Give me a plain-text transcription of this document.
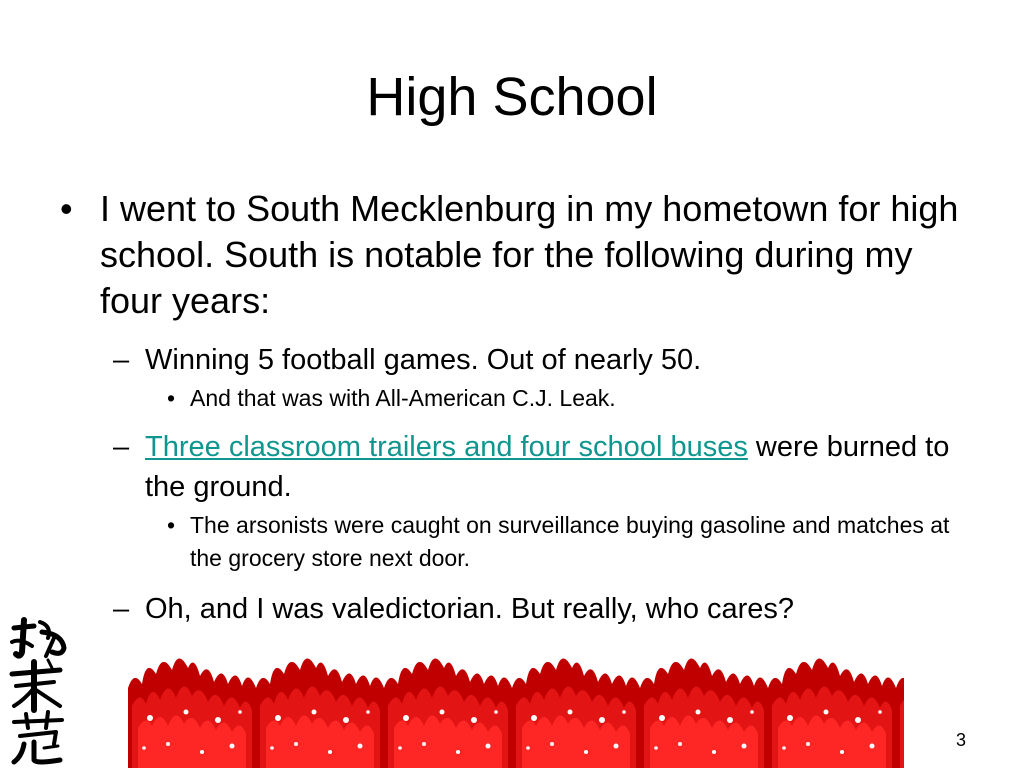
High School
• I went to South Mecklenburg in my hometown for high school. South is notable for the following during my four years:
– Winning 5 football games. Out of nearly 50.
• And that was with All-American C.J. Leak.
– Three classroom trailers and four school buses were burned to the ground.
• The arsonists were caught on surveillance buying gasoline and matches at the grocery store next door.
– Oh, and I was valedictorian. But really, who cares?
3
